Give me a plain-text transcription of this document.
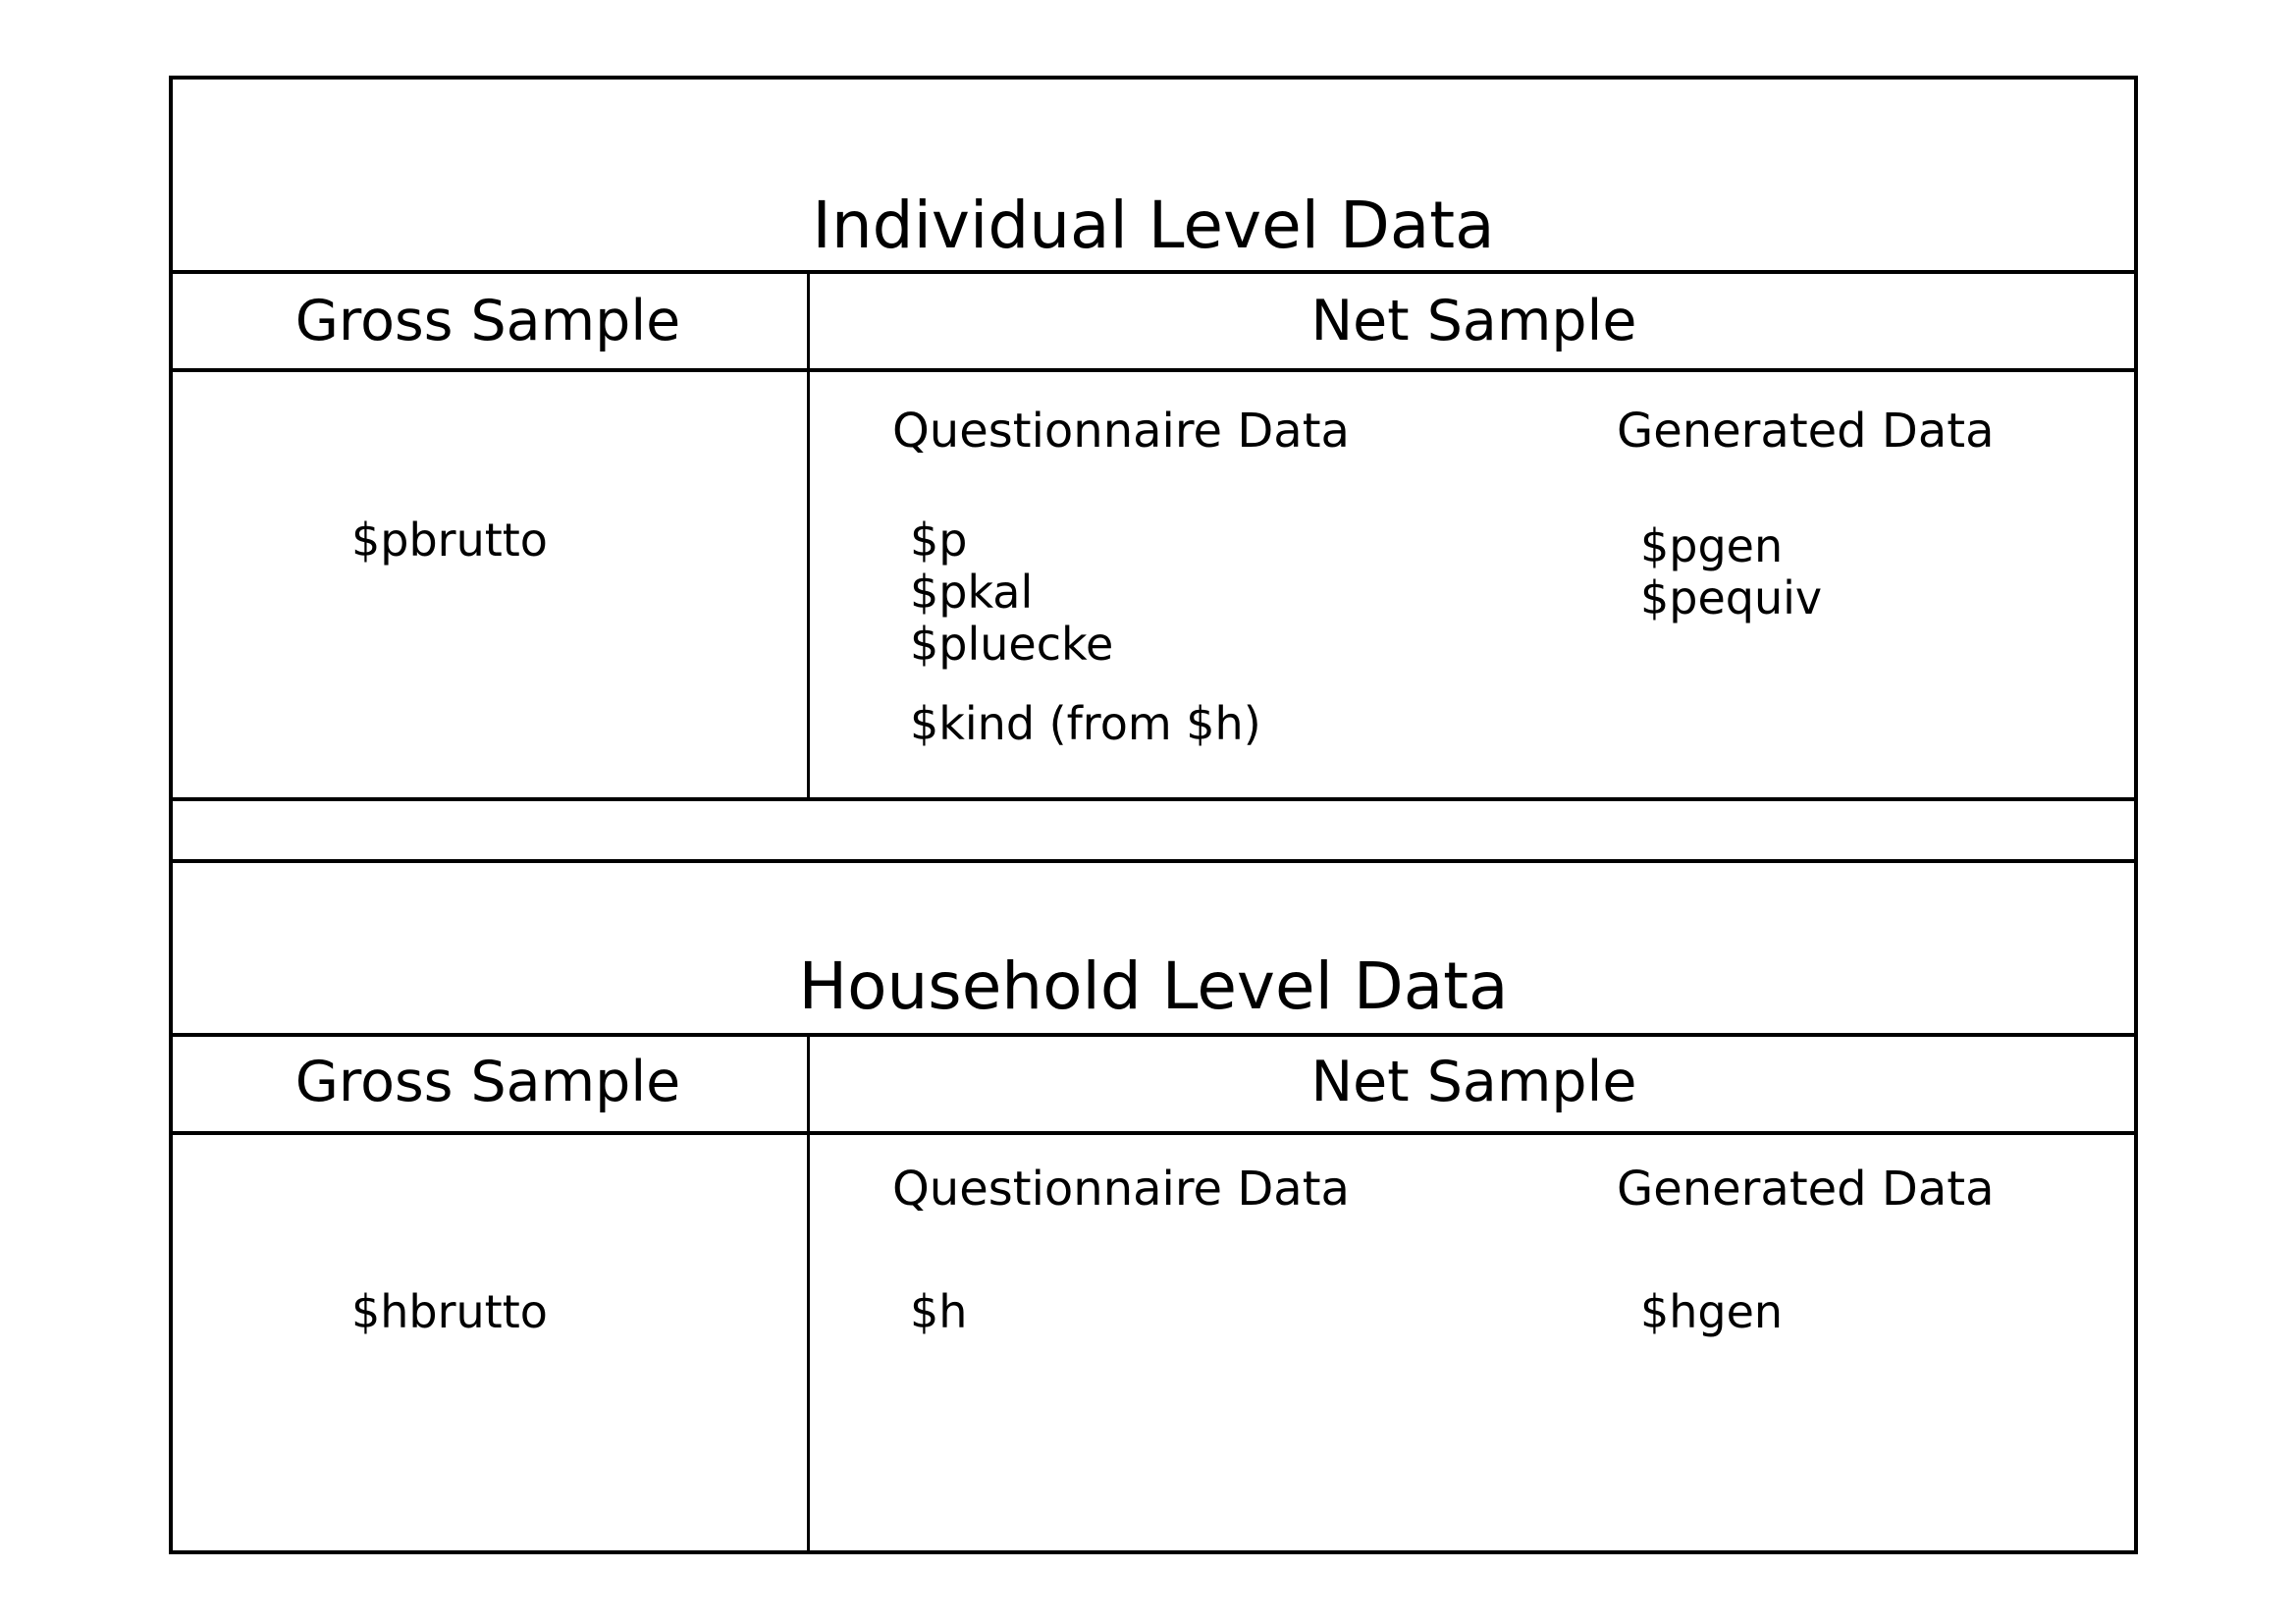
Individual Level Data
Gross Sample	Net Sample
$pbrutto
Questionnaire Data
$p
$pkal
$pluecke
$kind (from $h)
Generated Data
$pgen
$pequiv
Household Level Data
Gross Sample	Net Sample
$hbrutto
Questionnaire Data
$h
Generated Data
$hgen
